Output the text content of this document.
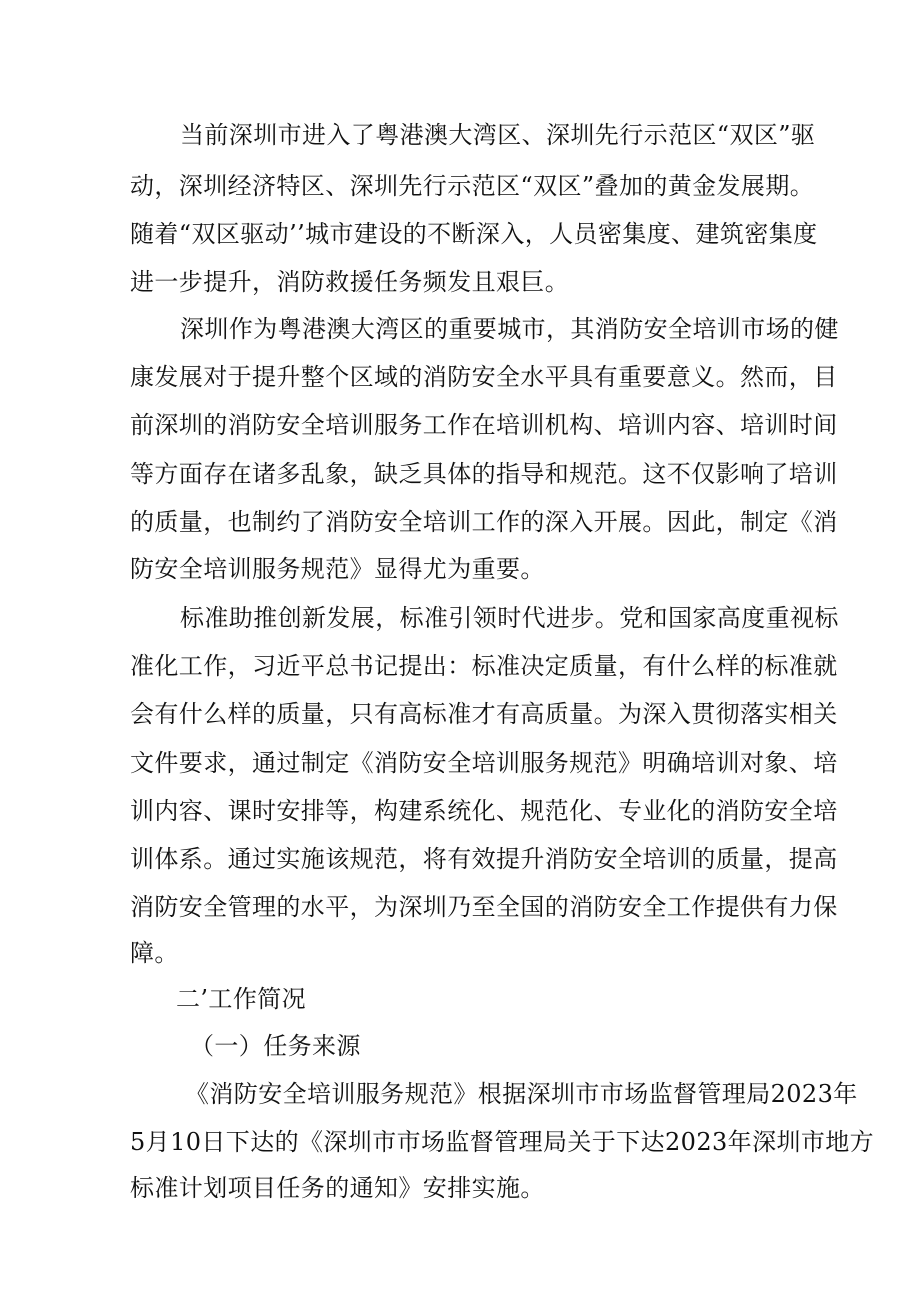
当前深圳市进入了粤港澳大湾区、深圳先行示范区“双区”驱
动，深圳经济特区、深圳先行示范区“双区”叠加的黄金发展期。
随着“双区驱动’’城市建设的不断深入，人员密集度、建筑密集度
进一步提升，消防救援任务频发且艰巨。
深圳作为粤港澳大湾区的重要城市，其消防安全培训市场的健
康发展对于提升整个区域的消防安全水平具有重要意义。然而，目
前深圳的消防安全培训服务工作在培训机构、培训内容、培训时间
等方面存在诸多乱象，缺乏具体的指导和规范。这不仅影响了培训
的质量，也制约了消防安全培训工作的深入开展。因此，制定《消
防安全培训服务规范》显得尤为重要。
标准助推创新发展，标准引领时代进步。党和国家高度重视标
准化工作，习近平总书记提出：标准决定质量，有什么样的标准就
会有什么样的质量，只有高标准才有高质量。为深入贯彻落实相关
文件要求，通过制定《消防安全培训服务规范》明确培训对象、培
训内容、课时安排等，构建系统化、规范化、专业化的消防安全培
训体系。通过实施该规范，将有效提升消防安全培训的质量，提高
消防安全管理的水平，为深圳乃至全国的消防安全工作提供有力保
障。
二’工作简况
（一）任务来源
《消防安全培训服务规范》根据深圳市市场监督管理局2023年
5月10日下达的《深圳市市场监督管理局关于下达2023年深圳市地方
标准计划项目任务的通知》安排实施。
